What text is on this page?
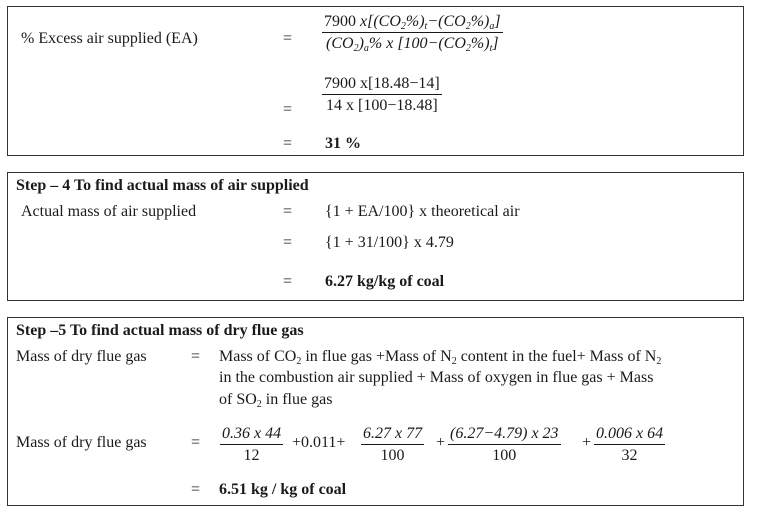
% Excess air supplied (EA)	= $\frac{7900 x[(CO_2\%)_t-(CO_2\%)_a]}{(CO_2)_a\% x [100-(CO_2\%)_t]}$
= $\frac{7900 x[18.48-14]}{14 x [100-18.48]}$
= 31 %
Step – 4 To find actual mass of air supplied
Actual mass of air supplied	= {1 + EA/100} x theoretical air
= {1 + 31/100} x 4.79
= 6.27 kg/kg of coal
Step –5 To find actual mass of dry flue gas
Mass of dry flue gas	= Mass of $CO_2$ in flue gas +Mass of $N_2$ content in the fuel+ Mass of $N_2$
in the combustion air supplied + Mass of oxygen in flue gas + Mass
of $SO_2$ in flue gas
Mass of dry flue gas	= $\frac{0.36 x 44}{12} +0.011+ \frac{6.27 x 77}{100} + \frac{(6.27-4.79) x 23}{100} + \frac{0.006 x 64}{32}$
= 6.51 kg / kg of coal
